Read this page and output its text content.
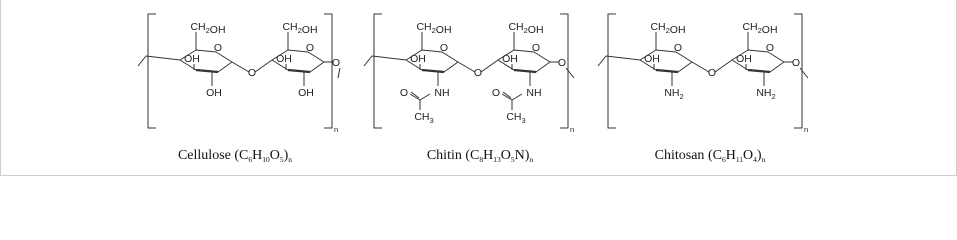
n
O
$CH_2OH$
OH
OH
O
$CH_2OH$
OH
OH
O
O
Cellulose $(C_6H_{10}O_5)_n$
n
O
$CH_2OH$
OH
NH
O
$CH_3$
O
$CH_2OH$
OH
NH
O
$CH_3$
O
O
Chitin $(C_8H_{13}O_5N)_n$
n
O
$CH_2OH$
OH
$NH_2$
O
$CH_2OH$
OH
$NH_2$
O
O
Chitosan $(C_6H_{11}O_4)_n$
